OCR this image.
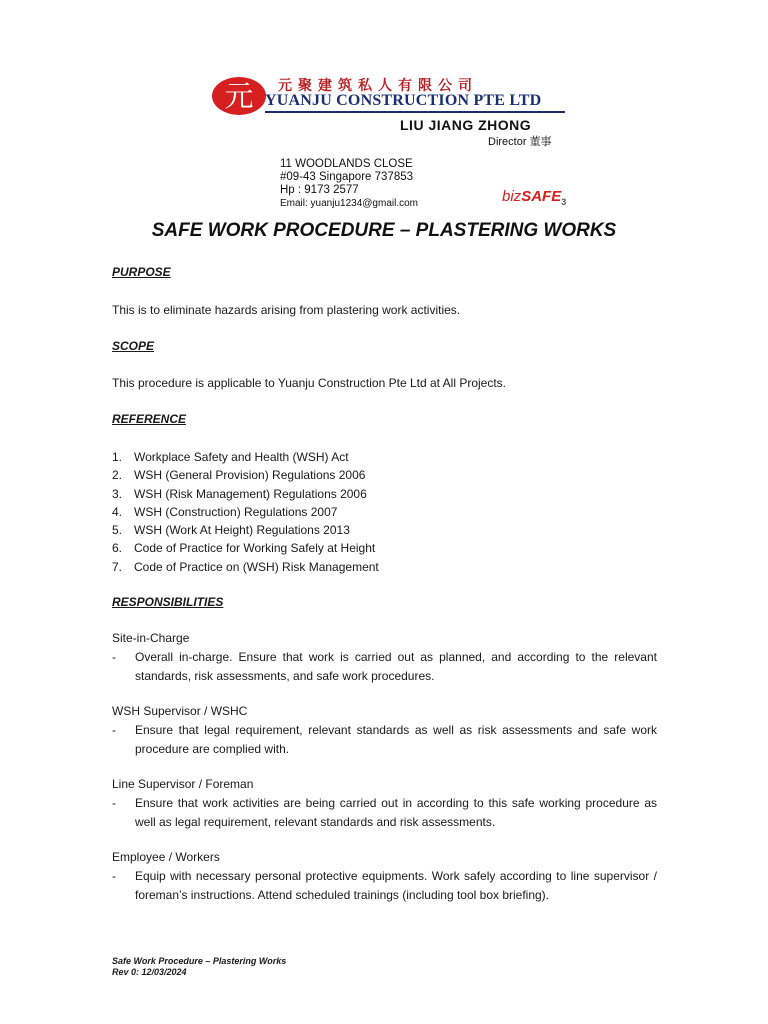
元	元聚建筑私人有限公司
YUANJU CONSTRUCTION PTE LTD
LIU JIANG ZHONG
Director 董事
11 WOODLANDS CLOSE
#09-43 Singapore 737853
Hp : 9173 2577
Email: yuanju1234@gmail.com	bizSAFE$_3$
SAFE WORK PROCEDURE – PLASTERING WORKS
PURPOSE
This is to eliminate hazards arising from plastering work activities.
SCOPE
This procedure is applicable to Yuanju Construction Pte Ltd at All Projects.
REFERENCE
1. Workplace Safety and Health (WSH) Act
2. WSH (General Provision) Regulations 2006
3. WSH (Risk Management) Regulations 2006
4. WSH (Construction) Regulations 2007
5. WSH (Work At Height) Regulations 2013
6. Code of Practice for Working Safely at Height
7. Code of Practice on (WSH) Risk Management
RESPONSIBILITIES
Site-in-Charge
-	Overall in-charge. Ensure that work is carried out as planned, and according to the relevant standards, risk assessments, and safe work procedures.
WSH Supervisor / WSHC
-	Ensure that legal requirement, relevant standards as well as risk assessments and safe work procedure are complied with.
Line Supervisor / Foreman
-	Ensure that work activities are being carried out in according to this safe working procedure as well as legal requirement, relevant standards and risk assessments.
Employee / Workers
-	Equip with necessary personal protective equipments. Work safely according to line supervisor / foreman’s instructions. Attend scheduled trainings (including tool box briefing).
Safe Work Procedure – Plastering Works
Rev 0: 12/03/2024
